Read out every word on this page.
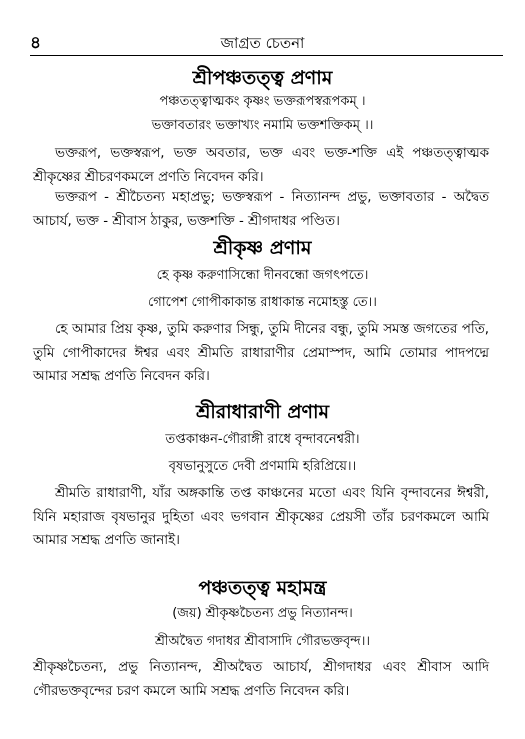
৪	জাগ্রত চেতনা
শ্রীপঞ্চতত্ত্ব প্রণাম
পঞ্চতত্ত্বাত্মকং কৃষ্ণং ভক্তরূপস্বরূপকম্ ।
ভক্তাবতারং ভক্তাখ্যং নমামি ভক্তশক্তিকম্ ।।
ভক্তরূপ, ভক্তস্বরূপ, ভক্ত অবতার, ভক্ত এবং ভক্ত-শক্তি এই পঞ্চতত্ত্বাত্মক শ্রীকৃষ্ণের শ্রীচরণকমলে প্রণতি নিবেদন করি।
ভক্তরূপ - শ্রীচৈতন্য মহাপ্রভু; ভক্তস্বরূপ - নিত্যানন্দ প্রভু, ভক্তাবতার - অদ্বৈত আচার্য, ভক্ত - শ্রীবাস ঠাকুর, ভক্তশক্তি - শ্রীগদাধর পণ্ডিত।
শ্রীকৃষ্ণ প্রণাম
হে কৃষ্ণ করুণাসিন্ধো দীনবন্ধো জগৎপতে।
গোপেশ গোপীকাকান্ত রাধাকান্ত নমোহস্তু তে।।
হে আমার প্রিয় কৃষ্ণ, তুমি করুণার সিন্ধু, তুমি দীনের বন্ধু, তুমি সমস্ত জগতের পতি, তুমি গোপীকাদের ঈশ্বর এবং শ্রীমতি রাধারাণীর প্রেমাস্পদ, আমি তোমার পাদপদ্মে আমার সশ্রদ্ধ প্রণতি নিবেদন করি।
শ্রীরাধারাণী প্রণাম
তপ্তকাঞ্চন-গৌরাঙ্গী রাধে বৃন্দাবনেশ্বরী।
বৃষভানুসুতে দেবী প্রণমামি হরিপ্রিয়ে।।
শ্রীমতি রাধারাণী, যাঁর অঙ্গকান্তি তপ্ত কাঞ্চনের মতো এবং যিনি বৃন্দাবনের ঈশ্বরী, যিনি মহারাজ বৃষভানুর দুহিতা এবং ভগবান শ্রীকৃষ্ণের প্রেয়সী তাঁর চরণকমলে আমি আমার সশ্রদ্ধ প্রণতি জানাই।
পঞ্চতত্ত্ব মহামন্ত্র
(জয়) শ্রীকৃষ্ণচৈতন্য প্রভু নিত্যানন্দ।
শ্রীঅদ্বৈত গদাধর শ্রীবাসাদি গৌরভক্তবৃন্দ।।
শ্রীকৃষ্ণচৈতন্য, প্রভু নিত্যানন্দ, শ্রীঅদ্বৈত আচার্য, শ্রীগদাধর এবং শ্রীবাস আদি গৌরভক্তবৃন্দের চরণ কমলে আমি সশ্রদ্ধ প্রণতি নিবেদন করি।
